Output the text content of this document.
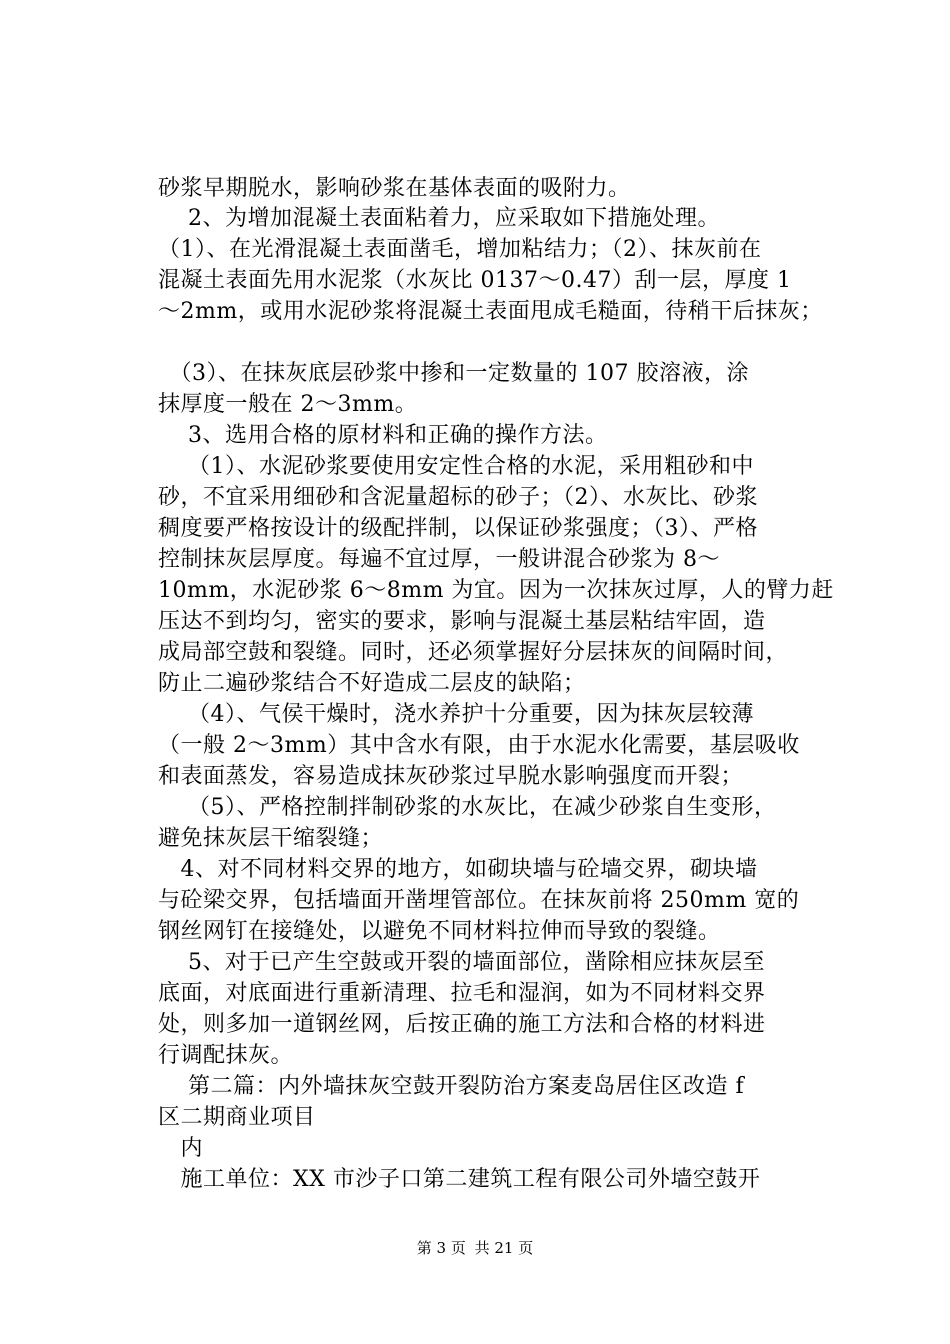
砂浆早期脱水，影响砂浆在基体表面的吸附力。
　 2、为增加混凝土表面粘着力，应采取如下措施处理。
（1）、在光滑混凝土表面凿毛，增加粘结力；（2）、抹灰前在
混凝土表面先用水泥浆（水灰比 0137～0.47）刮一层，厚度 1
～2mm，或用水泥砂浆将混凝土表面甩成毛糙面，待稍干后抹灰；
　（3）、在抹灰底层砂浆中掺和一定数量的 107 胶溶液，涂
抹厚度一般在 2～3mm。
　 3、选用合格的原材料和正确的操作方法。
　 （1）、水泥砂浆要使用安定性合格的水泥，采用粗砂和中
砂，不宜采用细砂和含泥量超标的砂子；（2）、水灰比、砂浆
稠度要严格按设计的级配拌制，以保证砂浆强度；（3）、严格
控制抹灰层厚度。每遍不宜过厚，一般讲混合砂浆为 8～
10mm，水泥砂浆 6～8mm 为宜。因为一次抹灰过厚，人的臂力赶
压达不到均匀，密实的要求，影响与混凝土基层粘结牢固，造
成局部空鼓和裂缝。同时，还必须掌握好分层抹灰的间隔时间，
防止二遍砂浆结合不好造成二层皮的缺陷；
　 （4）、气侯干燥时，浇水养护十分重要，因为抹灰层较薄
（一般 2～3mm）其中含水有限，由于水泥水化需要，基层吸收
和表面蒸发，容易造成抹灰砂浆过早脱水影响强度而开裂；
　 （5）、严格控制拌制砂浆的水灰比，在减少砂浆自生变形，
避免抹灰层干缩裂缝；
　4、对不同材料交界的地方，如砌块墙与砼墙交界，砌块墙
与砼梁交界，包括墙面开凿埋管部位。在抹灰前将 250mm 宽的
钢丝网钉在接缝处，以避免不同材料拉伸而导致的裂缝。
　 5、对于已产生空鼓或开裂的墙面部位，凿除相应抹灰层至
底面，对底面进行重新清理、拉毛和湿润，如为不同材料交界
处，则多加一道钢丝网，后按正确的施工方法和合格的材料进
行调配抹灰。
　 第二篇：内外墙抹灰空鼓开裂防治方案麦岛居住区改造 f
区二期商业项目
　内
　施工单位：XX 市沙子口第二建筑工程有限公司外墙空鼓开
第 3 页 共 21 页
